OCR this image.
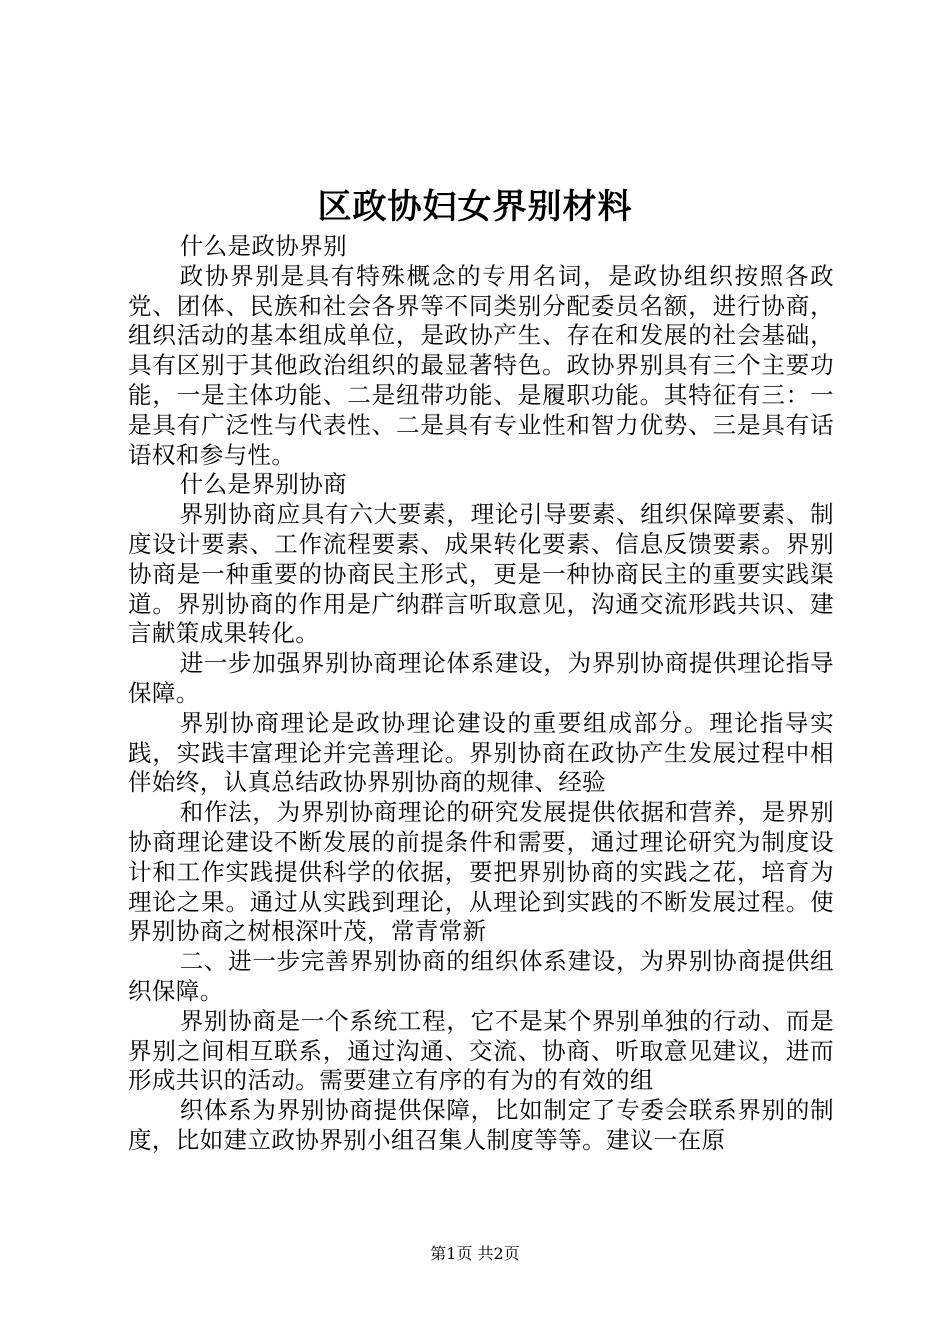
区政协妇女界别材料

什么是政协界别

政协界别是具有特殊概念的专用名词，是政协组织按照各政党、团体、民族和社会各界等不同类别分配委员名额，进行协商，组织活动的基本组成单位，是政协产生、存在和发展的社会基础，具有区别于其他政治组织的最显著特色。政协界别具有三个主要功能，一是主体功能、二是纽带功能、是履职功能。其特征有三：一是具有广泛性与代表性、二是具有专业性和智力优势、三是具有话语权和参与性。

什么是界别协商

界别协商应具有六大要素，理论引导要素、组织保障要素、制度设计要素、工作流程要素、成果转化要素、信息反馈要素。界别协商是一种重要的协商民主形式，更是一种协商民主的重要实践渠道。界别协商的作用是广纳群言听取意见，沟通交流形践共识、建言献策成果转化。

进一步加强界别协商理论体系建设，为界别协商提供理论指导保障。

界别协商理论是政协理论建设的重要组成部分。理论指导实践，实践丰富理论并完善理论。界别协商在政协产生发展过程中相伴始终，认真总结政协界别协商的规律、经验

和作法，为界别协商理论的研究发展提供依据和营养，是界别协商理论建设不断发展的前提条件和需要，通过理论研究为制度设计和工作实践提供科学的依据，要把界别协商的实践之花，培育为理论之果。通过从实践到理论，从理论到实践的不断发展过程。使界别协商之树根深叶茂，常青常新

二、进一步完善界别协商的组织体系建设，为界别协商提供组织保障。

界别协商是一个系统工程，它不是某个界别单独的行动、而是界别之间相互联系，通过沟通、交流、协商、听取意见建议，进而形成共识的活动。需要建立有序的有为的有效的组

织体系为界别协商提供保障，比如制定了专委会联系界别的制度，比如建立政协界别小组召集人制度等等。建议一在原

第1页 共2页
